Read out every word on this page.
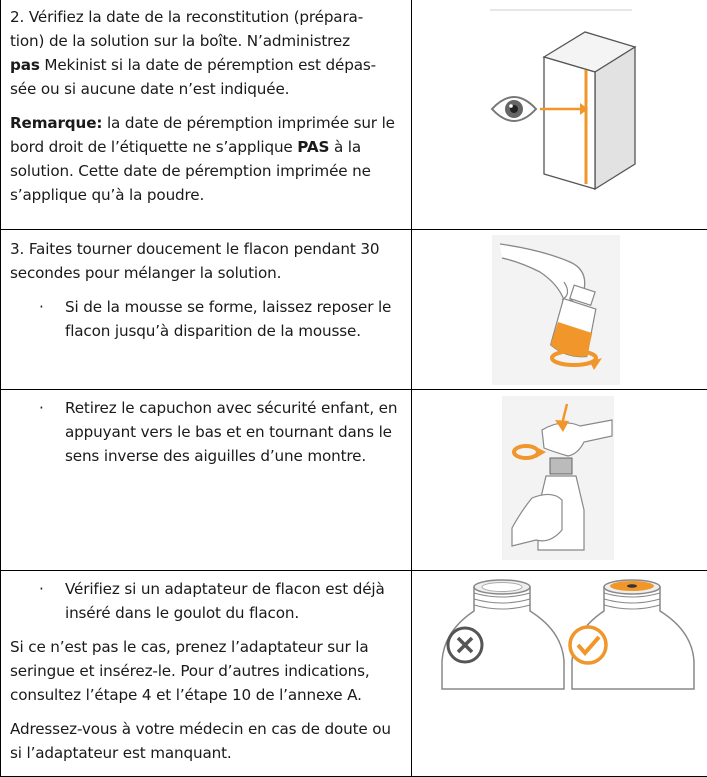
2. Vérifiez la date de la reconstitution (prépara-
tion) de la solution sur la boîte. N’administrez
pas Mekinist si la date de péremption est dépas-
sée ou si aucune date n’est indiquée.

Remarque: la date de péremption imprimée sur le bord droit de l’étiquette ne s’applique PAS à la solution. Cette date de péremption imprimée ne s’applique qu’à la poudre.

3. Faites tourner doucement le flacon pendant 30 secondes pour mélanger la solution.

· Si de la mousse se forme, laissez reposer le flacon jusqu’à disparition de la mousse.

· Retirez le capuchon avec sécurité enfant, en appuyant vers le bas et en tournant dans le sens inverse des aiguilles d’une montre.

· Vérifiez si un adaptateur de flacon est déjà inséré dans le goulot du flacon.

Si ce n’est pas le cas, prenez l’adaptateur sur la seringue et insérez-le. Pour d’autres indications, consultez l’étape 4 et l’étape 10 de l’annexe A.

Adressez-vous à votre médecin en cas de doute ou si l’adaptateur est manquant.
